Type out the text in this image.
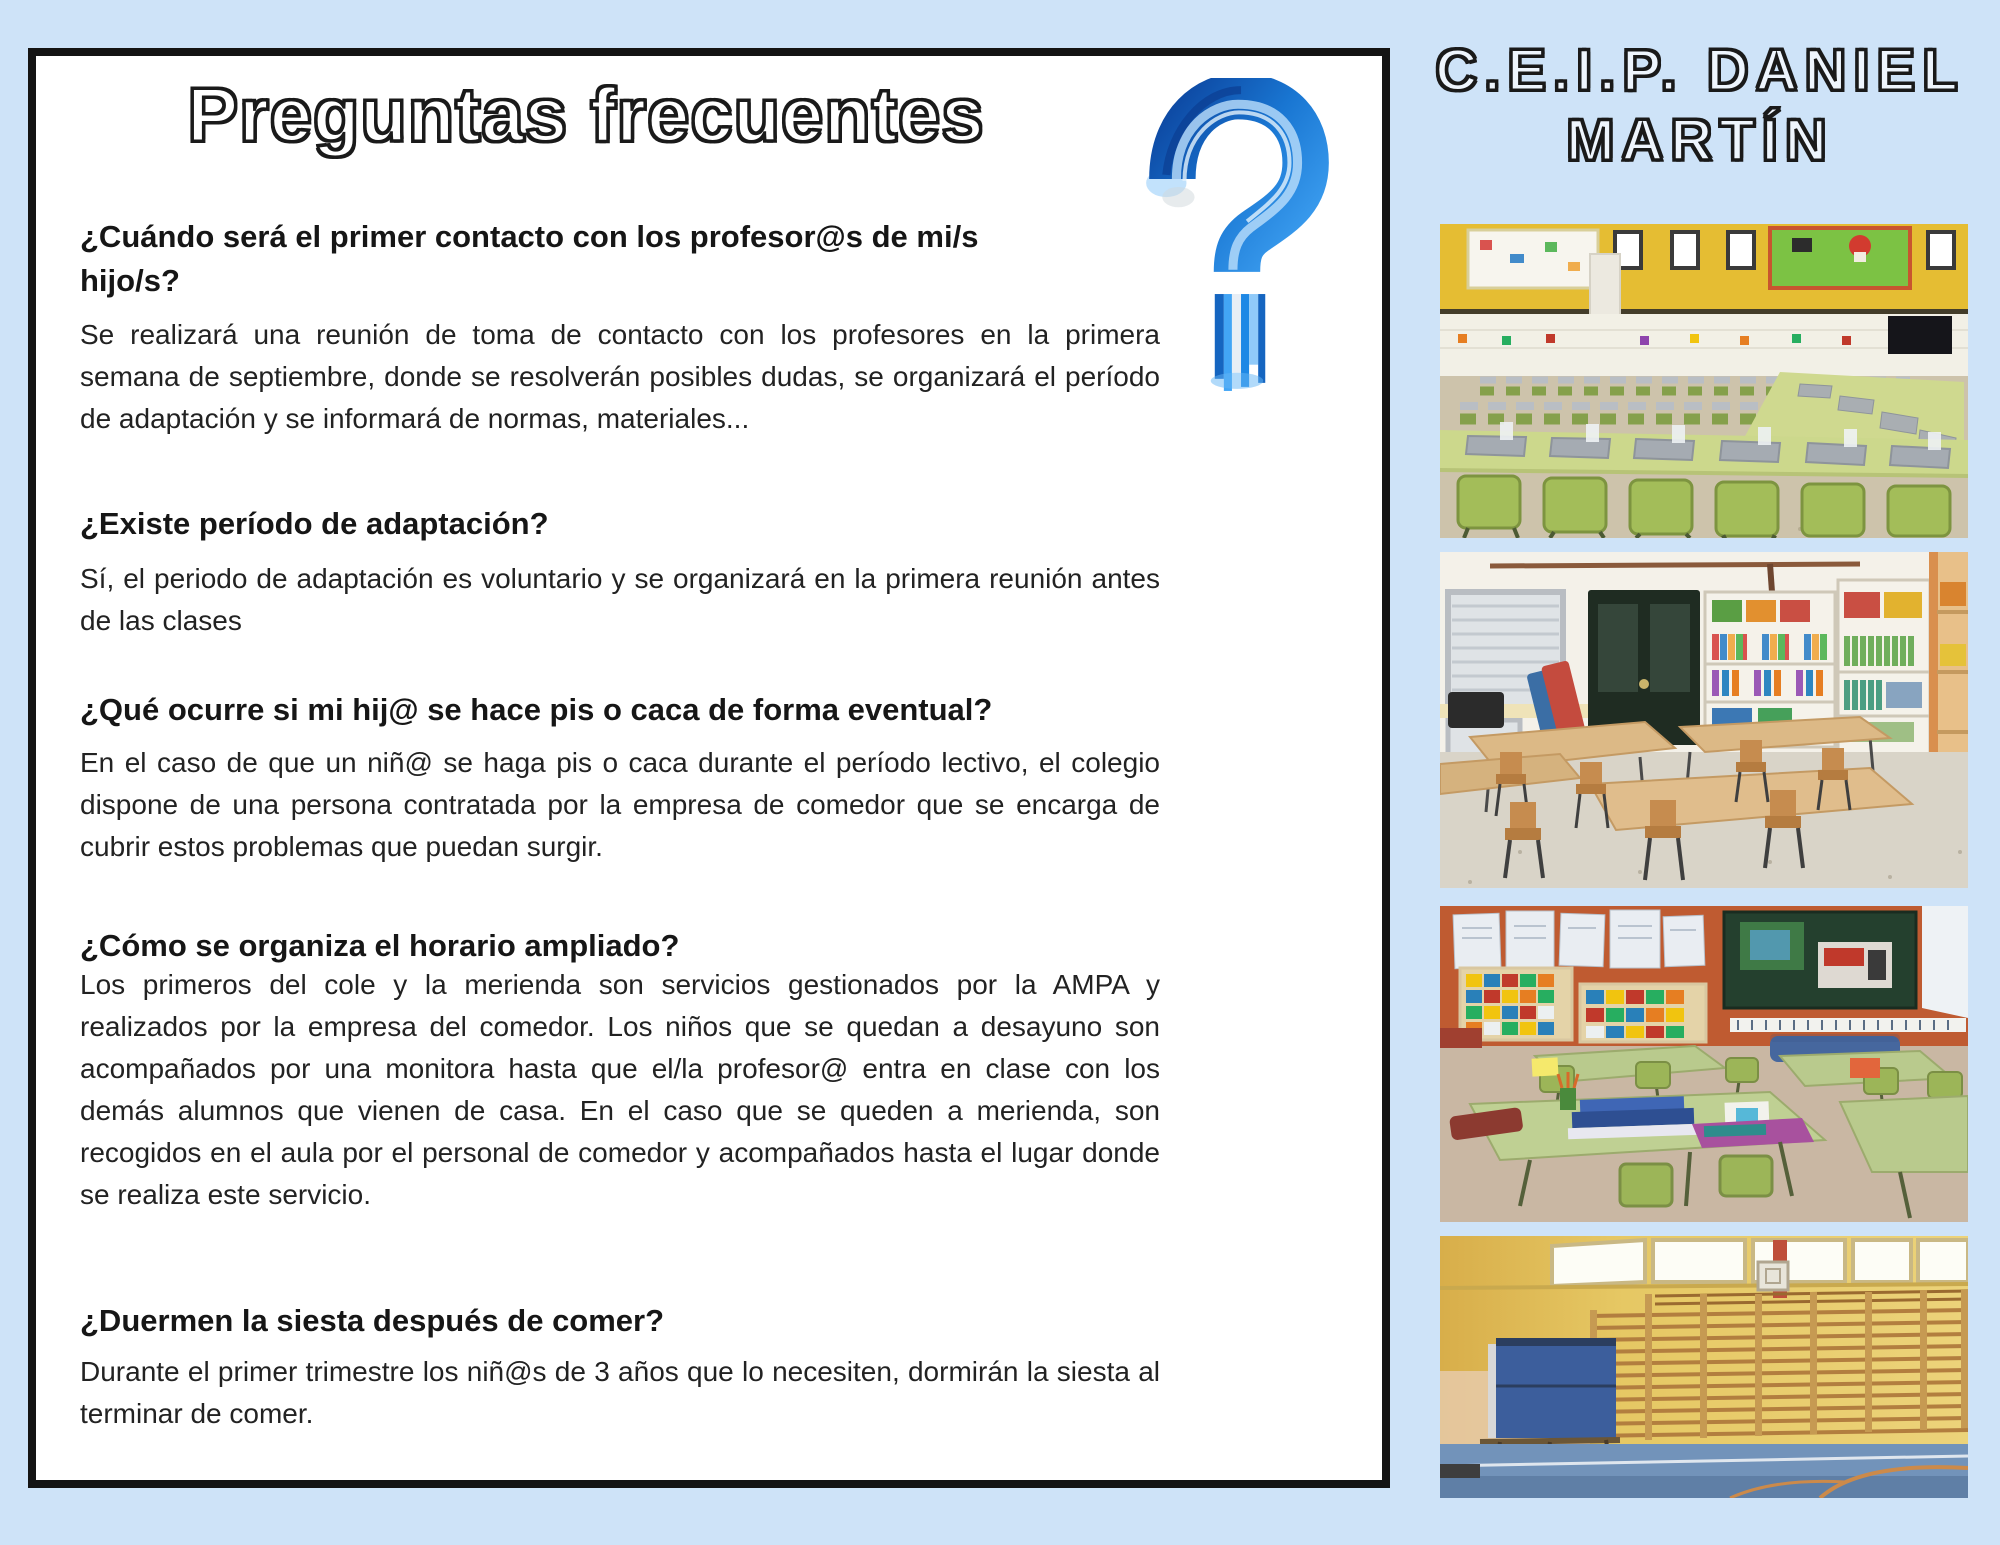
Preguntas frecuentes
¿Cuándo será el primer contacto con los profesor@s de mi/s hijo/s?

Se realizará una reunión de toma de contacto con los profesores en la primera semana de septiembre, donde se resolverán posibles dudas, se organizará el período de adaptación y se informará de normas, materiales...

¿Existe período de adaptación?

Sí, el periodo de adaptación es voluntario y se organizará en la primera reunión antes de las clases

¿Qué ocurre si mi hij@ se hace pis o caca de forma eventual?

En el caso de que un niñ@ se haga pis o caca durante el período lectivo, el colegio dispone de una persona contratada por la empresa de comedor que se encarga de cubrir estos problemas que puedan surgir.

¿Cómo se organiza el horario ampliado?

Los primeros del cole y la merienda son servicios gestionados por la AMPA y realizados por la empresa del comedor. Los niños que se quedan a desayuno son acompañados por una monitora hasta que el/la profesor@ entra en clase con los demás alumnos que vienen de casa. En el caso que se queden a merienda, son recogidos en el aula por el personal de comedor y acompañados hasta el lugar donde se realiza este servicio.

¿Duermen la siesta después de comer?

Durante el primer trimestre los niñ@s de 3 años que lo necesiten, dormirán la siesta al terminar de comer.

C.E.I.P. DANIEL
MARTÍN
